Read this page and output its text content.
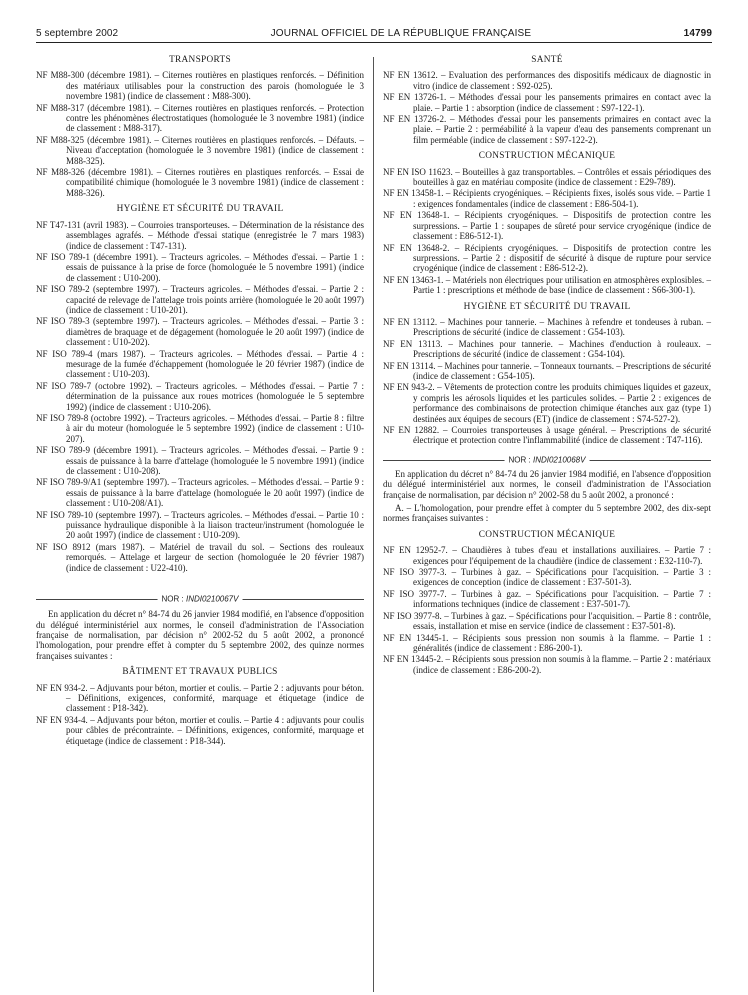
5 septembre 2002	JOURNAL OFFICIEL DE LA RÉPUBLIQUE FRANÇAISE	14799
TRANSPORTS
NF M88-300 (décembre 1981). – Citernes routières en plastiques renforcés. – Définition des matériaux utilisables pour la construction des parois (homologuée le 3 novembre 1981) (indice de classement : M88-300).
NF M88-317 (décembre 1981). – Citernes routières en plastiques renforcés. – Protection contre les phénomènes électrostatiques (homologuée le 3 novembre 1981) (indice de classement : M88-317).
NF M88-325 (décembre 1981). – Citernes routières en plastiques renforcés. – Défauts. – Niveau d'acceptation (homologuée le 3 novembre 1981) (indice de classement : M88-325).
NF M88-326 (décembre 1981). – Citernes routières en plastiques renforcés. – Essai de compatibilité chimique (homologuée le 3 novembre 1981) (indice de classement : M88-326).
HYGIÈNE ET SÉCURITÉ DU TRAVAIL
NF T47-131 (avril 1983). – Courroies transporteuses. – Détermination de la résistance des assemblages agrafés. – Méthode d'essai statique (enregistrée le 7 mars 1983) (indice de classement : T47-131).
NF ISO 789-1 (décembre 1991). – Tracteurs agricoles. – Méthodes d'essai. – Partie 1 : essais de puissance à la prise de force (homologuée le 5 novembre 1991) (indice de classement : U10-200).
NF ISO 789-2 (septembre 1997). – Tracteurs agricoles. – Méthodes d'essai. – Partie 2 : capacité de relevage de l'attelage trois points arrière (homologuée le 20 août 1997) (indice de classement : U10-201).
NF ISO 789-3 (septembre 1997). – Tracteurs agricoles. – Méthodes d'essai. – Partie 3 : diamètres de braquage et de dégagement (homologuée le 20 août 1997) (indice de classement : U10-202).
NF ISO 789-4 (mars 1987). – Tracteurs agricoles. – Méthodes d'essai. – Partie 4 : mesurage de la fumée d'échappement (homologuée le 20 février 1987) (indice de classement : U10-203).
NF ISO 789-7 (octobre 1992). – Tracteurs agricoles. – Méthodes d'essai. – Partie 7 : détermination de la puissance aux roues motrices (homologuée le 5 septembre 1992) (indice de classement : U10-206).
NF ISO 789-8 (octobre 1992). – Tracteurs agricoles. – Méthodes d'essai. – Partie 8 : filtre à air du moteur (homologuée le 5 septembre 1992) (indice de classement : U10-207).
NF ISO 789-9 (décembre 1991). – Tracteurs agricoles. – Méthodes d'essai. – Partie 9 : essais de puissance à la barre d'attelage (homologuée le 5 novembre 1991) (indice de classement : U10-208).
NF ISO 789-9/A1 (septembre 1997). – Tracteurs agricoles. – Méthodes d'essai. – Partie 9 : essais de puissance à la barre d'attelage (homologuée le 20 août 1997) (indice de classement : U10-208/A1).
NF ISO 789-10 (septembre 1997). – Tracteurs agricoles. – Méthodes d'essai. – Partie 10 : puissance hydraulique disponible à la liaison tracteur/instrument (homologuée le 20 août 1997) (indice de classement : U10-209).
NF ISO 8912 (mars 1987). – Matériel de travail du sol. – Sections des rouleaux remorqués. – Attelage et largeur de section (homologuée le 20 février 1987) (indice de classement : U22-410).
NOR : INDI0210067V

En application du décret n° 84-74 du 26 janvier 1984 modifié, en l'absence d'opposition du délégué interministériel aux normes, le conseil d'administration de l'Association française de normalisation, par décision n° 2002-52 du 5 août 2002, a prononcé l'homologation, pour prendre effet à compter du 5 septembre 2002, des quinze normes françaises suivantes :

BÂTIMENT ET TRAVAUX PUBLICS
NF EN 934-2. – Adjuvants pour béton, mortier et coulis. – Partie 2 : adjuvants pour béton. – Définitions, exigences, conformité, marquage et étiquetage (indice de classement : P18-342).
NF EN 934-4. – Adjuvants pour béton, mortier et coulis. – Partie 4 : adjuvants pour coulis pour câbles de précontrainte. – Définitions, exigences, conformité, marquage et étiquetage (indice de classement : P18-344).
SANTÉ
NF EN 13612. – Evaluation des performances des dispositifs médicaux de diagnostic in vitro (indice de classement : S92-025).
NF EN 13726-1. – Méthodes d'essai pour les pansements primaires en contact avec la plaie. – Partie 1 : absorption (indice de classement : S97-122-1).
NF EN 13726-2. – Méthodes d'essai pour les pansements primaires en contact avec la plaie. – Partie 2 : perméabilité à la vapeur d'eau des pansements comprenant un film perméable (indice de classement : S97-122-2).
CONSTRUCTION MÉCANIQUE
NF EN ISO 11623. – Bouteilles à gaz transportables. – Contrôles et essais périodiques des bouteilles à gaz en matériau composite (indice de classement : E29-789).
NF EN 13458-1. – Récipients cryogéniques. – Récipients fixes, isolés sous vide. – Partie 1 : exigences fondamentales (indice de classement : E86-504-1).
NF EN 13648-1. – Récipients cryogéniques. – Dispositifs de protection contre les surpressions. – Partie 1 : soupapes de sûreté pour service cryogénique (indice de classement : E86-512-1).
NF EN 13648-2. – Récipients cryogéniques. – Dispositifs de protection contre les surpressions. – Partie 2 : dispositif de sécurité à disque de rupture pour service cryogénique (indice de classement : E86-512-2).
NF EN 13463-1. – Matériels non électriques pour utilisation en atmosphères explosibles. – Partie 1 : prescriptions et méthode de base (indice de classement : S66-300-1).
HYGIÈNE ET SÉCURITÉ DU TRAVAIL
NF EN 13112. – Machines pour tannerie. – Machines à refendre et tondeuses à ruban. – Prescriptions de sécurité (indice de classement : G54-103).
NF EN 13113. – Machines pour tannerie. – Machines d'enduction à rouleaux. – Prescriptions de sécurité (indice de classement : G54-104).
NF EN 13114. – Machines pour tannerie. – Tonneaux tournants. – Prescriptions de sécurité (indice de classement : G54-105).
NF EN 943-2. – Vêtements de protection contre les produits chimiques liquides et gazeux, y compris les aérosols liquides et les particules solides. – Partie 2 : exigences de performance des combinaisons de protection chimique étanches aux gaz (type 1) destinées aux équipes de secours (ET) (indice de classement : S74-527-2).
NF EN 12882. – Courroies transporteuses à usage général. – Prescriptions de sécurité électrique et protection contre l'inflammabilité (indice de classement : T47-116).
NOR : INDI0210068V

En application du décret n° 84-74 du 26 janvier 1984 modifié, en l'absence d'opposition du délégué interministériel aux normes, le conseil d'administration de l'Association française de normalisation, par décision n° 2002-58 du 5 août 2002, a prononcé :

A. – L'homologation, pour prendre effet à compter du 5 septembre 2002, des dix-sept normes françaises suivantes :

CONSTRUCTION MÉCANIQUE
NF EN 12952-7. – Chaudières à tubes d'eau et installations auxiliaires. – Partie 7 : exigences pour l'équipement de la chaudière (indice de classement : E32-110-7).
NF ISO 3977-3. – Turbines à gaz. – Spécifications pour l'acquisition. – Partie 3 : exigences de conception (indice de classement : E37-501-3).
NF ISO 3977-7. – Turbines à gaz. – Spécifications pour l'acquisition. – Partie 7 : informations techniques (indice de classement : E37-501-7).
NF ISO 3977-8. – Turbines à gaz. – Spécifications pour l'acquisition. – Partie 8 : contrôle, essais, installation et mise en service (indice de classement : E37-501-8).
NF EN 13445-1. – Récipients sous pression non soumis à la flamme. – Partie 1 : généralités (indice de classement : E86-200-1).
NF EN 13445-2. – Récipients sous pression non soumis à la flamme. – Partie 2 : matériaux (indice de classement : E86-200-2).
